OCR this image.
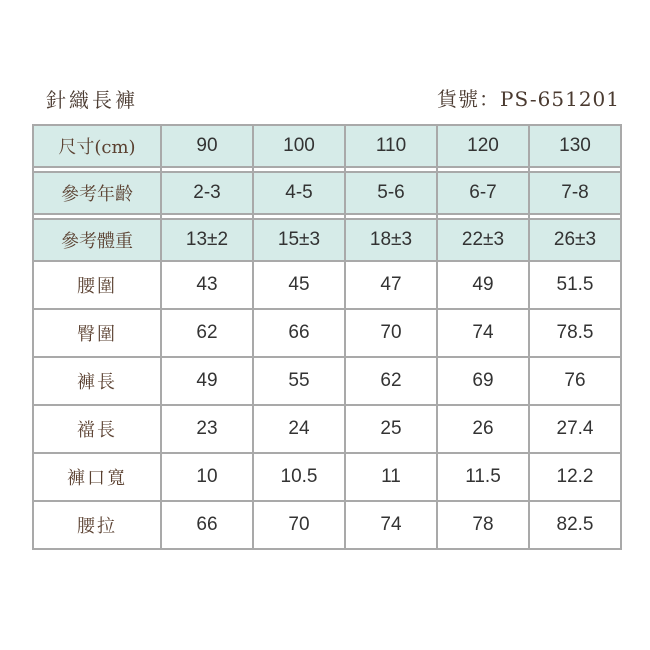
針織長褲	貨號：PS-651201
尺寸(cm)	90	100	110	120	130

參考年齡	2-3	4-5	5-6	6-7	7-8

參考體重	13±2	15±3	18±3	22±3	26±3
腰圍	43	45	47	49	51.5
臀圍	62	66	70	74	78.5
褲長	49	55	62	69	76
襠長	23	24	25	26	27.4
褲口寬	10	10.5	11	11.5	12.2
腰拉	66	70	74	78	82.5
